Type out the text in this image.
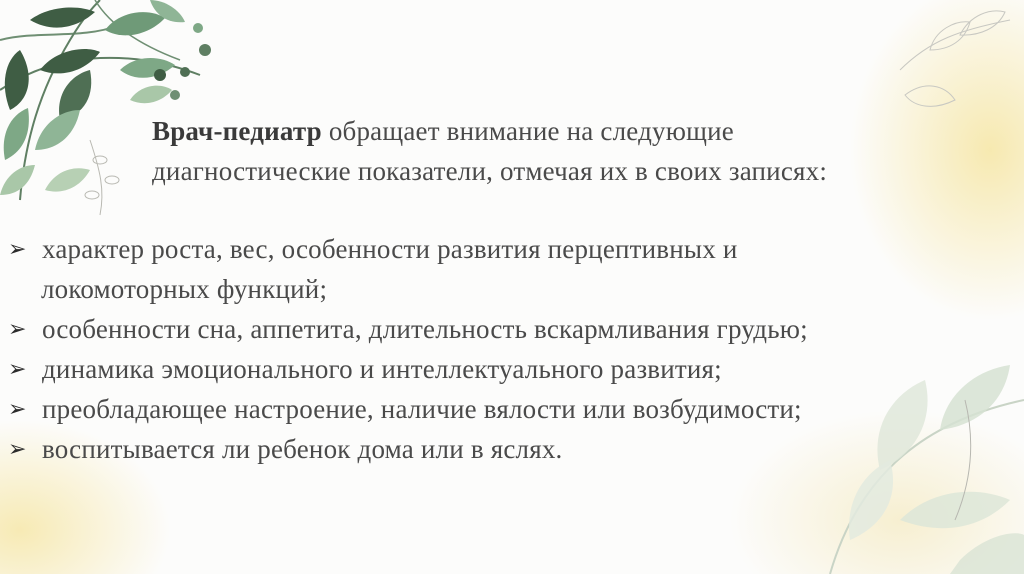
Врач-педиатр обращает внимание на следующие
диагностические показатели, отмечая их в своих записях:
➢ характер роста, вес, особенности развития перцептивных и
локомоторных функций;
➢ особенности сна, аппетита, длительность вскармливания грудью;
➢ динамика эмоционального и интеллектуального развития;
➢ преобладающее настроение, наличие вялости или возбудимости;
➢ воспитывается ли ребенок дома или в яслях.
